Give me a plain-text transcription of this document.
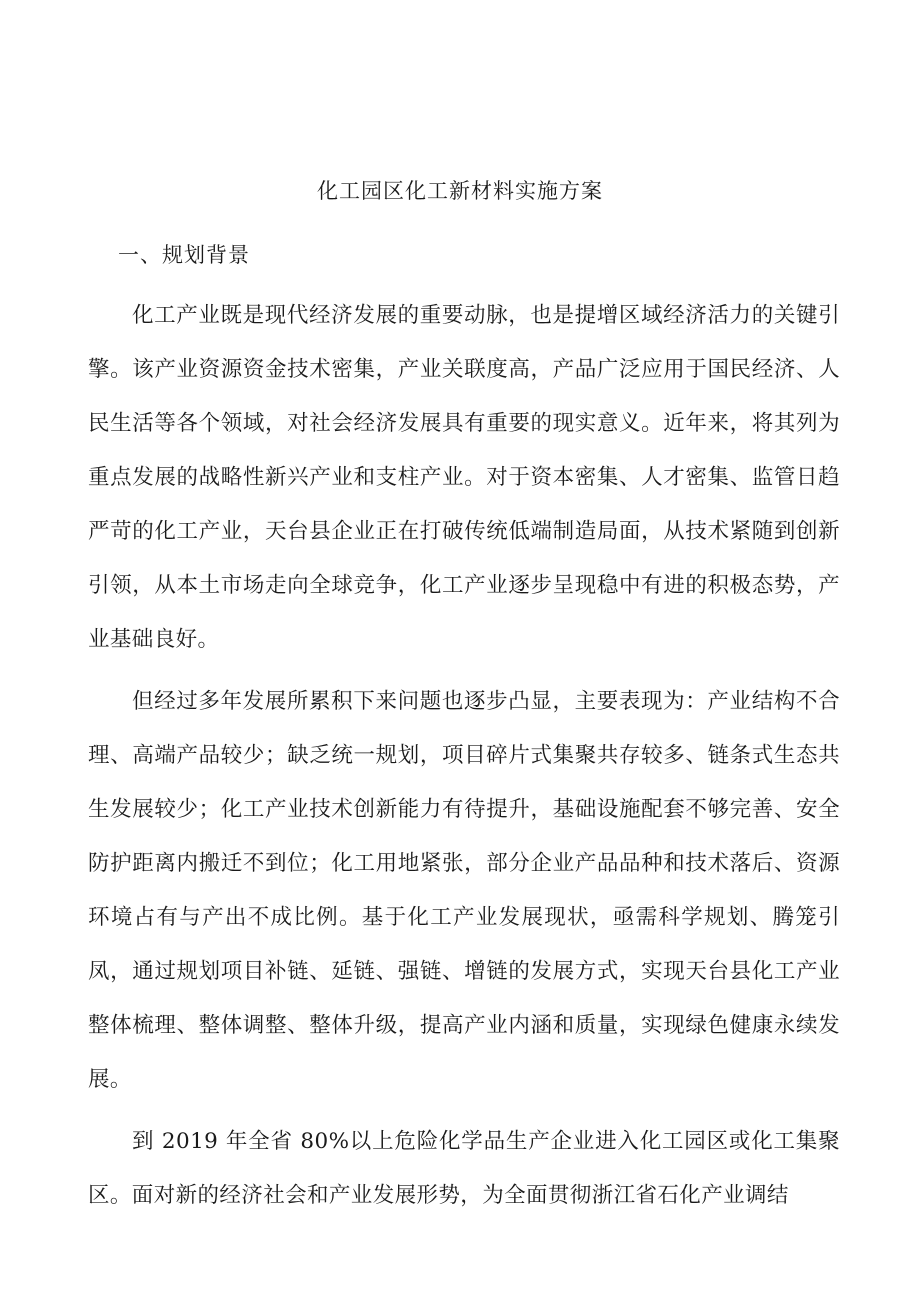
化工园区化工新材料实施方案
一、规划背景

化工产业既是现代经济发展的重要动脉，也是提增区域经济活力的关键引擎。该产业资源资金技术密集，产业关联度高，产品广泛应用于国民经济、人民生活等各个领域，对社会经济发展具有重要的现实意义。近年来，将其列为重点发展的战略性新兴产业和支柱产业。对于资本密集、人才密集、监管日趋严苛的化工产业，天台县企业正在打破传统低端制造局面，从技术紧随到创新引领，从本土市场走向全球竞争，化工产业逐步呈现稳中有进的积极态势，产业基础良好。

但经过多年发展所累积下来问题也逐步凸显，主要表现为：产业结构不合理、高端产品较少；缺乏统一规划，项目碎片式集聚共存较多、链条式生态共生发展较少；化工产业技术创新能力有待提升，基础设施配套不够完善、安全防护距离内搬迁不到位；化工用地紧张，部分企业产品品种和技术落后、资源环境占有与产出不成比例。基于化工产业发展现状，亟需科学规划、腾笼引凤，通过规划项目补链、延链、强链、增链的发展方式，实现天台县化工产业整体梳理、整体调整、整体升级，提高产业内涵和质量，实现绿色健康永续发展。

到 2019 年全省 80%以上危险化学品生产企业进入化工园区或化工集聚区。面对新的经济社会和产业发展形势，为全面贯彻浙江省石化产业调结
